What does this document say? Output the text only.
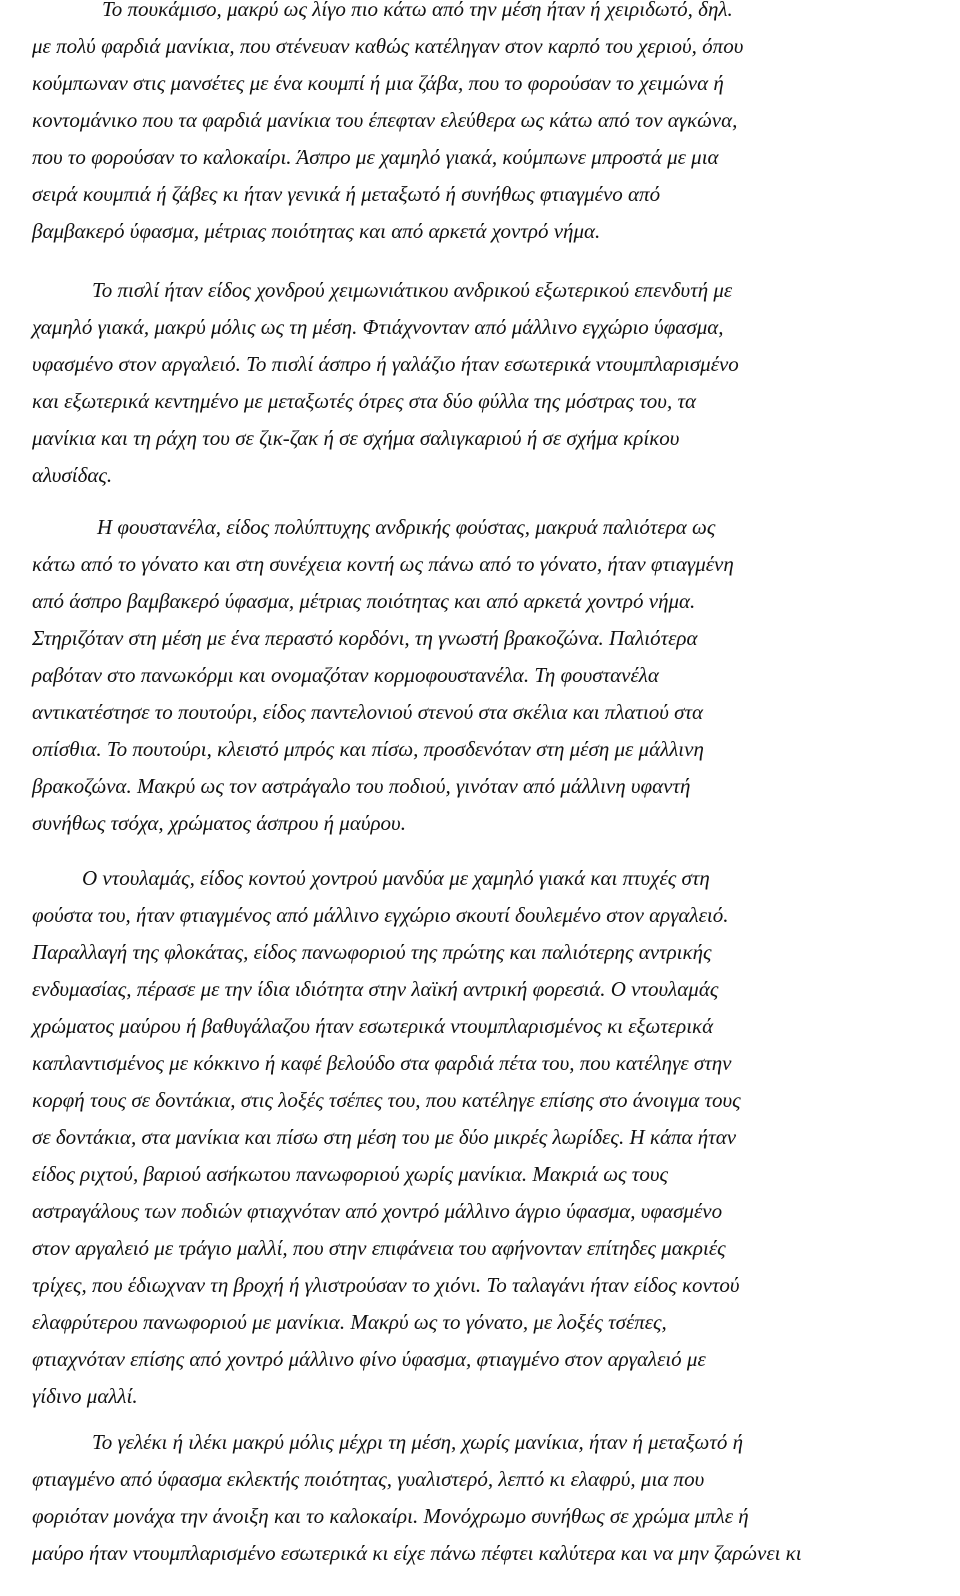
Το πουκάμισο, μακρύ ως λίγο πιο κάτω από την μέση ήταν ή χειριδωτό, δηλ.
με πολύ φαρδιά μανίκια, που στένευαν καθώς κατέληγαν στον καρπό του χεριού, όπου
κούμπωναν στις μανσέτες με ένα κουμπί ή μια ζάβα, που το φορούσαν το χειμώνα ή
κοντομάνικο που τα φαρδιά μανίκια του έπεφταν ελεύθερα ως κάτω από τον αγκώνα,
που το φορούσαν το καλοκαίρι. Άσπρο με χαμηλό γιακά, κούμπωνε μπροστά με μια
σειρά κουμπιά ή ζάβες κι ήταν γενικά ή μεταξωτό ή συνήθως φτιαγμένο από
βαμβακερό ύφασμα, μέτριας ποιότητας και από αρκετά χοντρό νήμα.
Το πισλί ήταν είδος χονδρού χειμωνιάτικου ανδρικού εξωτερικού επενδυτή με
χαμηλό γιακά, μακρύ μόλις ως τη μέση. Φτιάχνονταν από μάλλινο εγχώριο ύφασμα,
υφασμένο στον αργαλειό. Το πισλί άσπρο ή γαλάζιο ήταν εσωτερικά ντουμπλαρισμένο
και εξωτερικά κεντημένο με μεταξωτές ότρες στα δύο φύλλα της μόστρας του, τα
μανίκια και τη ράχη του σε ζικ-ζακ ή σε σχήμα σαλιγκαριού ή σε σχήμα κρίκου
αλυσίδας.
Η φουστανέλα, είδος πολύπτυχης ανδρικής φούστας, μακρυά παλιότερα ως
κάτω από το γόνατο και στη συνέχεια κοντή ως πάνω από το γόνατο, ήταν φτιαγμένη
από άσπρο βαμβακερό ύφασμα, μέτριας ποιότητας και από αρκετά χοντρό νήμα.
Στηριζόταν στη μέση με ένα περαστό κορδόνι, τη γνωστή βρακοζώνα. Παλιότερα
ραβόταν στο πανωκόρμι και ονομαζόταν κορμοφουστανέλα. Τη φουστανέλα
αντικατέστησε το πουτούρι, είδος παντελονιού στενού στα σκέλια και πλατιού στα
οπίσθια. Το πουτούρι, κλειστό μπρός και πίσω, προσδενόταν στη μέση με μάλλινη
βρακοζώνα. Μακρύ ως τον αστράγαλο του ποδιού, γινόταν από μάλλινη υφαντή
συνήθως τσόχα, χρώματος άσπρου ή μαύρου.
Ο ντουλαμάς, είδος κοντού χοντρού μανδύα με χαμηλό γιακά και πτυχές στη
φούστα του, ήταν φτιαγμένος από μάλλινο εγχώριο σκουτί δουλεμένο στον αργαλειό.
Παραλλαγή της φλοκάτας, είδος πανωφοριού της πρώτης και παλιότερης αντρικής
ενδυμασίας, πέρασε με την ίδια ιδιότητα στην λαϊκή αντρική φορεσιά. Ο ντουλαμάς
χρώματος μαύρου ή βαθυγάλαζου ήταν εσωτερικά ντουμπλαρισμένος κι εξωτερικά
καπλαντισμένος με κόκκινο ή καφέ βελούδο στα φαρδιά πέτα του, που κατέληγε στην
κορφή τους σε δοντάκια, στις λοξές τσέπες του, που κατέληγε επίσης στο άνοιγμα τους
σε δοντάκια, στα μανίκια και πίσω στη μέση του με δύο μικρές λωρίδες. Η κάπα ήταν
είδος ριχτού, βαριού ασήκωτου πανωφοριού χωρίς μανίκια. Μακριά ως τους
αστραγάλους των ποδιών φτιαχνόταν από χοντρό μάλλινο άγριο ύφασμα, υφασμένο
στον αργαλειό με τράγιο μαλλί, που στην επιφάνεια του αφήνονταν επίτηδες μακριές
τρίχες, που έδιωχναν τη βροχή ή γλιστρούσαν το χιόνι. Το ταλαγάνι ήταν είδος κοντού
ελαφρύτερου πανωφοριού με μανίκια. Μακρύ ως το γόνατο, με λοξές τσέπες,
φτιαχνόταν επίσης από χοντρό μάλλινο φίνο ύφασμα, φτιαγμένο στον αργαλειό με
γίδινο μαλλί.
Το γελέκι ή ιλέκι μακρύ μόλις μέχρι τη μέση, χωρίς μανίκια, ήταν ή μεταξωτό ή
φτιαγμένο από ύφασμα εκλεκτής ποιότητας, γυαλιστερό, λεπτό κι ελαφρύ, μια που
φοριόταν μονάχα την άνοιξη και το καλοκαίρι. Μονόχρωμο συνήθως σε χρώμα μπλε ή
μαύρο ήταν ντουμπλαρισμένο εσωτερικά κι είχε πάνω πέφτει καλύτερα και να μην ζαρώνει κι
